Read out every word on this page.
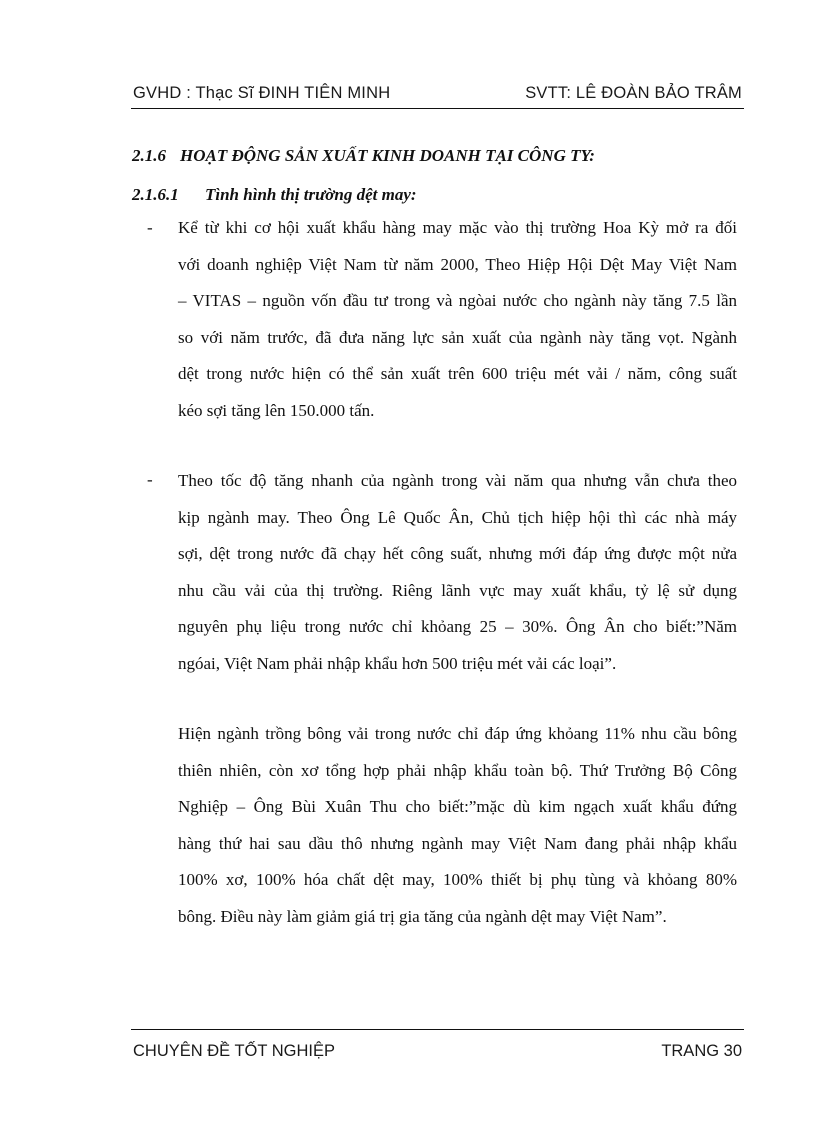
GVHD : Thạc Sĩ ĐINH TIÊN MINH	SVTT: LÊ ĐOÀN BẢO TRÂM
2.1.6 HOẠT ĐỘNG SẢN XUẤT KINH DOANH TẠI CÔNG TY:
2.1.6.1 Tình hình thị trường dệt may:
- Kể từ khi cơ hội xuất khẩu hàng may mặc vào thị trường Hoa Kỳ mở ra đối
với doanh nghiệp Việt Nam từ năm 2000, Theo Hiệp Hội Dệt May Việt Nam
– VITAS – nguồn vốn đầu tư trong và ngòai nước cho ngành này tăng 7.5 lần
so với năm trước, đã đưa năng lực sản xuất của ngành này tăng vọt. Ngành
dệt trong nước hiện có thể sản xuất trên 600 triệu mét vải / năm, công suất
kéo sợi tăng lên 150.000 tấn.
- Theo tốc độ tăng nhanh của ngành trong vài năm qua nhưng vẫn chưa theo
kịp ngành may. Theo Ông Lê Quốc Ân, Chủ tịch hiệp hội thì các nhà máy
sợi, dệt trong nước đã chạy hết công suất, nhưng mới đáp ứng được một nửa
nhu cầu vải của thị trường. Riêng lãnh vực may xuất khẩu, tỷ lệ sử dụng
nguyên phụ liệu trong nước chỉ khỏang 25 – 30%. Ông Ân cho biết:”Năm
ngóai, Việt Nam phải nhập khẩu hơn 500 triệu mét vải các loại”.
Hiện ngành trồng bông vải trong nước chỉ đáp ứng khỏang 11% nhu cầu bông
thiên nhiên, còn xơ tổng hợp phải nhập khẩu toàn bộ. Thứ Trưởng Bộ Công
Nghiệp – Ông Bùi Xuân Thu cho biết:”mặc dù kim ngạch xuất khẩu đứng
hàng thứ hai sau dầu thô nhưng ngành may Việt Nam đang phải nhập khẩu
100% xơ, 100% hóa chất dệt may, 100% thiết bị phụ tùng và khỏang 80%
bông. Điều này làm giảm giá trị gia tăng của ngành dệt may Việt Nam”.
CHUYÊN ĐỀ TỐT NGHIỆP	TRANG 30
